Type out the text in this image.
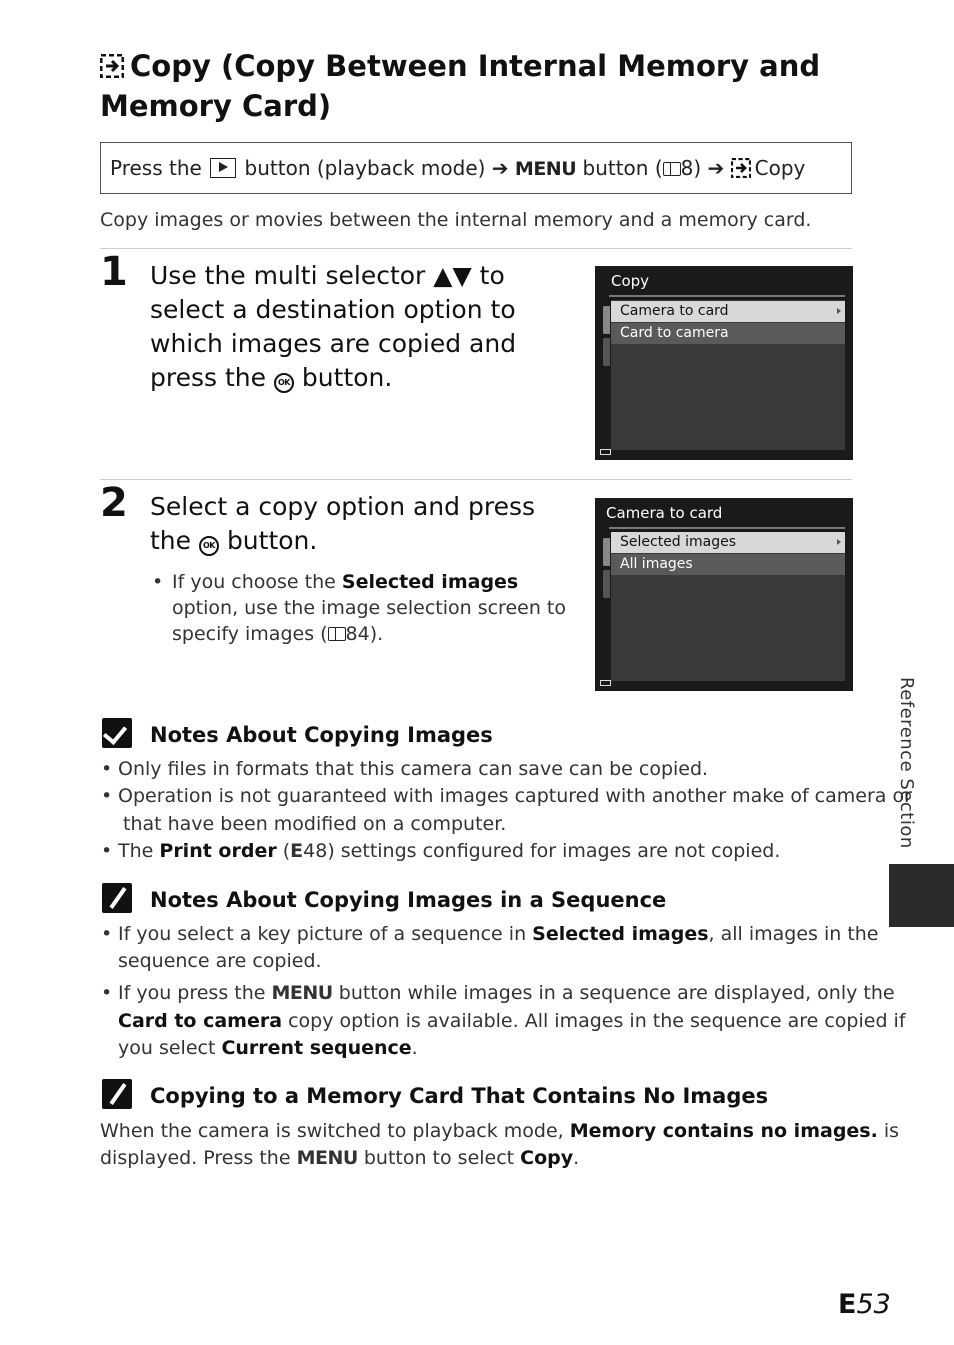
Copy (Copy Between Internal Memory and Memory Card)
Press the button (playback mode) ➔ MENU button ( 8) ➔ Copy
Copy images or movies between the internal memory and a memory card.
1 Use the multi selector ▲▼ to select a destination option to which images are copied and press the OK button.
Copy
Camera to card
Card to camera
2 Select a copy option and press the OK button.
• If you choose the Selected images option, use the image selection screen to specify images ( 84).
Camera to card
Selected images
All images
Notes About Copying Images
• Only files in formats that this camera can save can be copied.
• Operation is not guaranteed with images captured with another make of camera or
that have been modified on a computer.
• The Print order (E48) settings configured for images are not copied.
Notes About Copying Images in a Sequence
• If you select a key picture of a sequence in Selected images, all images in the
sequence are copied.
• If you press the MENU button while images in a sequence are displayed, only the
Card to camera copy option is available. All images in the sequence are copied if
you select Current sequence.
Copying to a Memory Card That Contains No Images
When the camera is switched to playback mode, Memory contains no images. is
displayed. Press the MENU button to select Copy.
Reference Section
E53
